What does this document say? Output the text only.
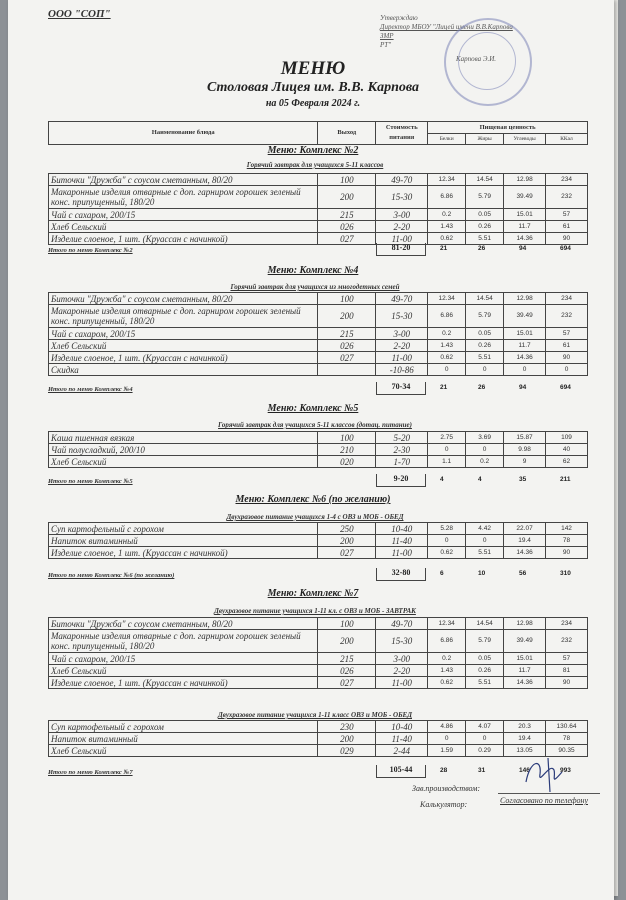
ООО "СОП"	Утверждаю
Директор МБОУ "Лицей имени В.В.Карпова ЗМР
РТ"
Карпова Э.И.
МЕНЮ
Столовая Лицея им. В.В. Карпова
на 05 Февраля 2024 г.
Наименование блюда	Выход	Стоимость питания	Пищевая ценность			
			Белки	Жиры	Углеводы	ККал
Меню: Комплекс №2
Горячий завтрак для учащихся 5-11 классов
Биточки "Дружба" с соусом сметанным, 80/20	100	49-70	12.34	14.54	12.98	234
Макаронные изделия отварные с доп. гарниром горошек зеленый конс. припущенный, 180/20	200	15-30	6.86	5.79	39.49	232
Чай с сахаром, 200/15	215	3-00	0.2	0.05	15.01	57
Хлеб Сельский	026	2-20	1.43	0.26	11.7	61
Изделие слоеное, 1 шт. (Круассан с начинкой)	027	11-00	0.62	5.51	14.36	90
Итого по меню Комплекс №2	81-20	21	26	94	694
Меню: Комплекс №4
Горячий завтрак для учащихся из многодетных семей
Биточки "Дружба" с соусом сметанным, 80/20	100	49-70	12.34	14.54	12.98	234
Макаронные изделия отварные с доп. гарниром горошек зеленый конс. припущенный, 180/20	200	15-30	6.86	5.79	39.49	232
Чай с сахаром, 200/15	215	3-00	0.2	0.05	15.01	57
Хлеб Сельский	026	2-20	1.43	0.26	11.7	61
Изделие слоеное, 1 шт. (Круассан с начинкой)	027	11-00	0.62	5.51	14.36	90
Скидка		-10-86	0	0	0	0
Итого по меню Комплекс №4	70-34	21	26	94	694
Меню: Комплекс №5
Горячий завтрак для учащихся 5-11 классов (дотац. питание)
Каша пшенная вязкая	100	5-20	2.75	3.69	15.87	109
Чай полусладкий, 200/10	210	2-30	0	0	9.98	40
Хлеб Сельский	020	1-70	1.1	0.2	9	62
Итого по меню Комплекс №5	9-20	4	4	35	211
Меню: Комплекс №6 (по желанию)
Двухразовое питание учащихся 1-4 с ОВЗ и МОБ - ОБЕД
Суп картофельный с горохом	250	10-40	5.28	4.42	22.07	142
Напиток витаминный	200	11-40	0	0	19.4	78
Изделие слоеное, 1 шт. (Круассан с начинкой)	027	11-00	0.62	5.51	14.36	90
Итого по меню Комплекс №6 (по желанию)	32-80	6	10	56	310
Меню: Комплекс №7
Двухразовое питание учащихся 1-11 кл. с ОВЗ и МОБ - ЗАВТРАК
Биточки "Дружба" с соусом сметанным, 80/20	100	49-70	12.34	14.54	12.98	234
Макаронные изделия отварные с доп. гарниром горошек зеленый конс. припущенный, 180/20	200	15-30	6.86	5.79	39.49	232
Чай с сахаром, 200/15	215	3-00	0.2	0.05	15.01	57
Хлеб Сельский	026	2-20	1.43	0.26	11.7	81
Изделие слоеное, 1 шт. (Круассан с начинкой)	027	11-00	0.62	5.51	14.36	90
Двухразовое питание учащихся 1-11 класс ОВЗ и МОБ - ОБЕД
Суп картофельный с горохом	230	10-40	4.86	4.07	20.3	130.64
Напиток витаминный	200	11-40	0	0	19.4	78
Хлеб Сельский	029	2-44	1.59	0.29	13.05	90.35
Итого по меню Комплекс №7	105-44	28	31	146	993
Зав.производством:
Калькулятор:	Согласовано по телефону
